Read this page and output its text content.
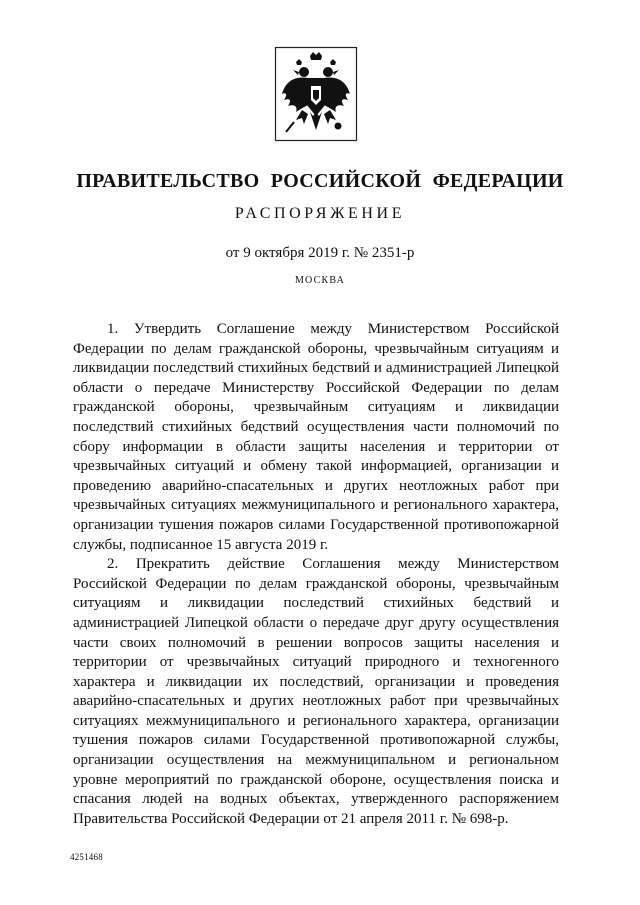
ПРАВИТЕЛЬСТВО РОССИЙСКОЙ ФЕДЕРАЦИИ
РАСПОРЯЖЕНИЕ
от 9 октября 2019 г. № 2351-р
МОСКВА

1. Утвердить Соглашение между Министерством Российской Федерации по делам гражданской обороны, чрезвычайным ситуациям и ликвидации последствий стихийных бедствий и администрацией Липецкой области о передаче Министерству Российской Федерации по делам гражданской обороны, чрезвычайным ситуациям и ликвидации последствий стихийных бедствий осуществления части полномочий по сбору информации в области защиты населения и территории от чрезвычайных ситуаций и обмену такой информацией, организации и проведению аварийно-спасательных и других неотложных работ при чрезвычайных ситуациях межмуниципального и регионального характера, организации тушения пожаров силами Государственной противопожарной службы, подписанное 15 августа 2019 г.

2. Прекратить действие Соглашения между Министерством Российской Федерации по делам гражданской обороны, чрезвычайным ситуациям и ликвидации последствий стихийных бедствий и администрацией Липецкой области о передаче друг другу осуществления части своих полномочий в решении вопросов защиты населения и территории от чрезвычайных ситуаций природного и техногенного характера и ликвидации их последствий, организации и проведения аварийно-спасательных и других неотложных работ при чрезвычайных ситуациях межмуниципального и регионального характера, организации тушения пожаров силами Государственной противопожарной службы, организации осуществления на межмуниципальном и региональном уровне мероприятий по гражданской обороне, осуществления поиска и спасания людей на водных объектах, утвержденного распоряжением Правительства Российской Федерации от 21 апреля 2011 г. № 698-р.

4251468
